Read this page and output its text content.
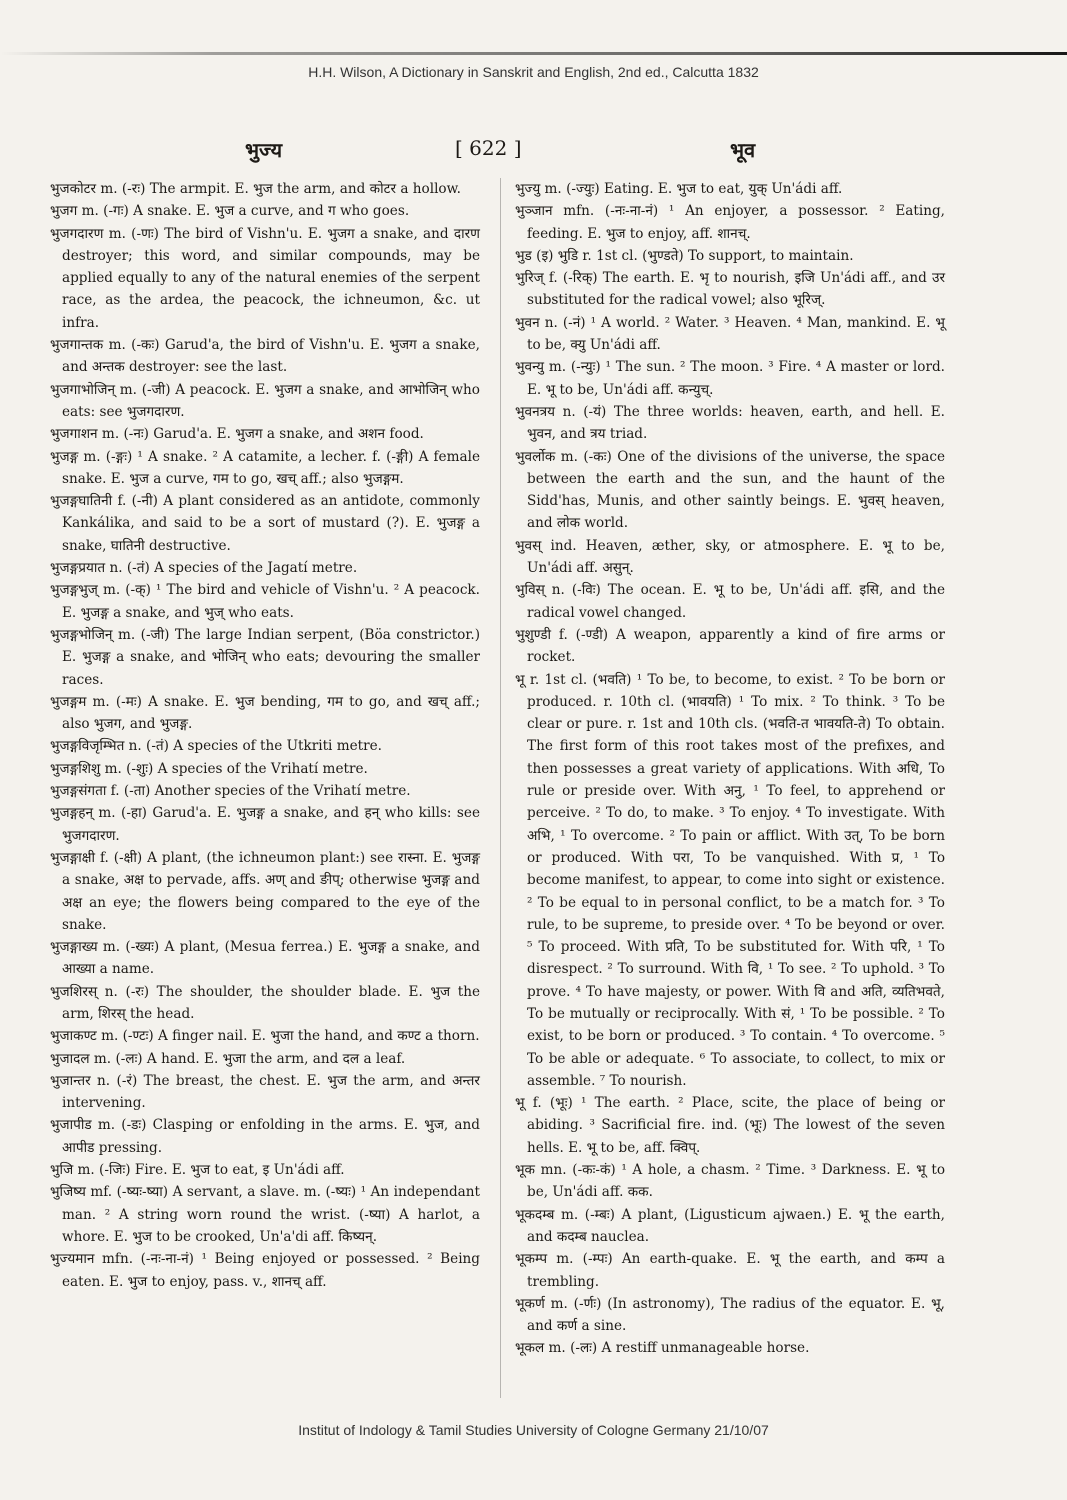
H.H. Wilson, A Dictionary in Sanskrit and English, 2nd ed., Calcutta 1832
भुज्य	[ 622 ]	भूव

भुजकोटर m. (-रः) The armpit. E. भुज the arm, and कोटर a hollow.

भुजग m. (-गः) A snake. E. भुज a curve, and ग who goes.

भुजगदारण m. (-णः) The bird of Vishn'u. E. भुजग a snake, and दारण destroyer; this word, and similar compounds, may be applied equally to any of the natural enemies of the serpent race, as the ardea, the peacock, the ichneumon, &c. ut infra.

भुजगान्तक m. (-कः) Garud'a, the bird of Vishn'u. E. भुजग a snake, and अन्तक destroyer: see the last.

भुजगाभोजिन् m. (-जी) A peacock. E. भुजग a snake, and आभोजिन् who eats: see भुजगदारण.

भुजगाशन m. (-नः) Garud'a. E. भुजग a snake, and अशन food.

भुजङ्ग m. (-ङ्गः) ¹ A snake. ² A catamite, a lecher. f. (-ङ्गी) A female snake. E. भुज a curve, गम to go, खच् aff.; also भुजङ्गम.

भुजङ्गघातिनी f. (-नी) A plant considered as an antidote, commonly Kankálika, and said to be a sort of mustard (?). E. भुजङ्ग a snake, घातिनी destructive.

भुजङ्गप्रयात n. (-तं) A species of the Jagatí metre.

भुजङ्गभुज् m. (-क्) ¹ The bird and vehicle of Vishn'u. ² A peacock. E. भुजङ्ग a snake, and भुज् who eats.

भुजङ्गभोजिन् m. (-जी) The large Indian serpent, (Böa constrictor.) E. भुजङ्ग a snake, and भोजिन् who eats; devouring the smaller races.

भुजङ्गम m. (-मः) A snake. E. भुज bending, गम to go, and खच् aff.; also भुजग, and भुजङ्ग.

भुजङ्गविजृम्भित n. (-तं) A species of the Utkriti metre.

भुजङ्गशिशु m. (-शुः) A species of the Vrihatí metre.

भुजङ्गसंगता f. (-ता) Another species of the Vrihatí metre.

भुजङ्गहन् m. (-हा) Garud'a. E. भुजङ्ग a snake, and हन् who kills: see भुजगदारण.

भुजङ्गाक्षी f. (-क्षी) A plant, (the ichneumon plant:) see रास्ना. E. भुजङ्ग a snake, अक्ष to pervade, affs. अण् and ङीप्; otherwise भुजङ्ग and अक्ष an eye; the flowers being compared to the eye of the snake.

भुजङ्गाख्य m. (-ख्यः) A plant, (Mesua ferrea.) E. भुजङ्ग a snake, and आख्या a name.

भुजशिरस् n. (-रः) The shoulder, the shoulder blade. E. भुज the arm, शिरस् the head.

भुजाकण्ट m. (-ण्टः) A finger nail. E. भुजा the hand, and कण्ट a thorn.

भुजादल m. (-लः) A hand. E. भुजा the arm, and दल a leaf.

भुजान्तर n. (-रं) The breast, the chest. E. भुज the arm, and अन्तर intervening.

भुजापीड m. (-डः) Clasping or enfolding in the arms. E. भुज, and आपीड pressing.

भुजि m. (-जिः) Fire. E. भुज to eat, इ Un'ádi aff.

भुजिष्य mf. (-ष्यः-ष्या) A servant, a slave. m. (-ष्यः) ¹ An independant man. ² A string worn round the wrist. (-ष्या) A harlot, a whore. E. भुज to be crooked, Un'a'di aff. किष्यन्.

भुज्यमान mfn. (-नः-ना-नं) ¹ Being enjoyed or possessed. ² Being eaten. E. भुज to enjoy, pass. v., शानच् aff.

भुज्यु m. (-ज्युः) Eating. E. भुज to eat, युक् Un'ádi aff.

भुञ्जान mfn. (-नः-ना-नं) ¹ An enjoyer, a possessor. ² Eating, feeding. E. भुज to enjoy, aff. शानच्.

भुड (इ) भुडि r. 1st cl. (भुण्डते) To support, to maintain.

भुरिज् f. (-रिक्) The earth. E. भृ to nourish, इजि Un'ádi aff., and उर substituted for the radical vowel; also भूरिज्.

भुवन n. (-नं) ¹ A world. ² Water. ³ Heaven. ⁴ Man, mankind. E. भू to be, क्यु Un'ádi aff.

भुवन्यु m. (-न्युः) ¹ The sun. ² The moon. ³ Fire. ⁴ A master or lord. E. भू to be, Un'ádi aff. कन्युच्.

भुवनत्रय n. (-यं) The three worlds: heaven, earth, and hell. E. भुवन, and त्रय triad.

भुवर्लोक m. (-कः) One of the divisions of the universe, the space between the earth and the sun, and the haunt of the Sidd'has, Munis, and other saintly beings. E. भुवस् heaven, and लोक world.

भुवस् ind. Heaven, æther, sky, or atmosphere. E. भू to be, Un'ádi aff. असुन्.

भुविस् n. (-विः) The ocean. E. भू to be, Un'ádi aff. इसि, and the radical vowel changed.

भुशुण्डी f. (-ण्डी) A weapon, apparently a kind of fire arms or rocket.

भू r. 1st cl. (भवति) ¹ To be, to become, to exist. ² To be born or produced. r. 10th cl. (भावयति) ¹ To mix. ² To think. ³ To be clear or pure. r. 1st and 10th cls. (भवति-त भावयति-ते) To obtain. The first form of this root takes most of the prefixes, and then possesses a great variety of applications. With अधि, To rule or preside over. With अनु, ¹ To feel, to apprehend or perceive. ² To do, to make. ³ To enjoy. ⁴ To investigate. With अभि, ¹ To overcome. ² To pain or afflict. With उत्, To be born or produced. With परा, To be vanquished. With प्र, ¹ To become manifest, to appear, to come into sight or existence. ² To be equal to in personal conflict, to be a match for. ³ To rule, to be supreme, to preside over. ⁴ To be beyond or over. ⁵ To proceed. With प्रति, To be substituted for. With परि, ¹ To disrespect. ² To surround. With वि, ¹ To see. ² To uphold. ³ To prove. ⁴ To have majesty, or power. With वि and अति, व्यतिभवते, To be mutually or reciprocally. With सं, ¹ To be possible. ² To exist, to be born or produced. ³ To contain. ⁴ To overcome. ⁵ To be able or adequate. ⁶ To associate, to collect, to mix or assemble. ⁷ To nourish.

भू f. (भूः) ¹ The earth. ² Place, scite, the place of being or abiding. ³ Sacrificial fire. ind. (भूः) The lowest of the seven hells. E. भू to be, aff. क्विप्.

भूक mn. (-कः-कं) ¹ A hole, a chasm. ² Time. ³ Darkness. E. भू to be, Un'ádi aff. कक.

भूकदम्ब m. (-म्बः) A plant, (Ligusticum ajwaen.) E. भू the earth, and कदम्ब nauclea.

भूकम्प m. (-म्पः) An earth-quake. E. भू the earth, and कम्प a trembling.

भूकर्ण m. (-र्णः) (In astronomy), The radius of the equator. E. भू, and कर्ण a sine.

भूकल m. (-लः) A restiff unmanageable horse.

Institut of Indology & Tamil Studies University of Cologne Germany 21/10/07
